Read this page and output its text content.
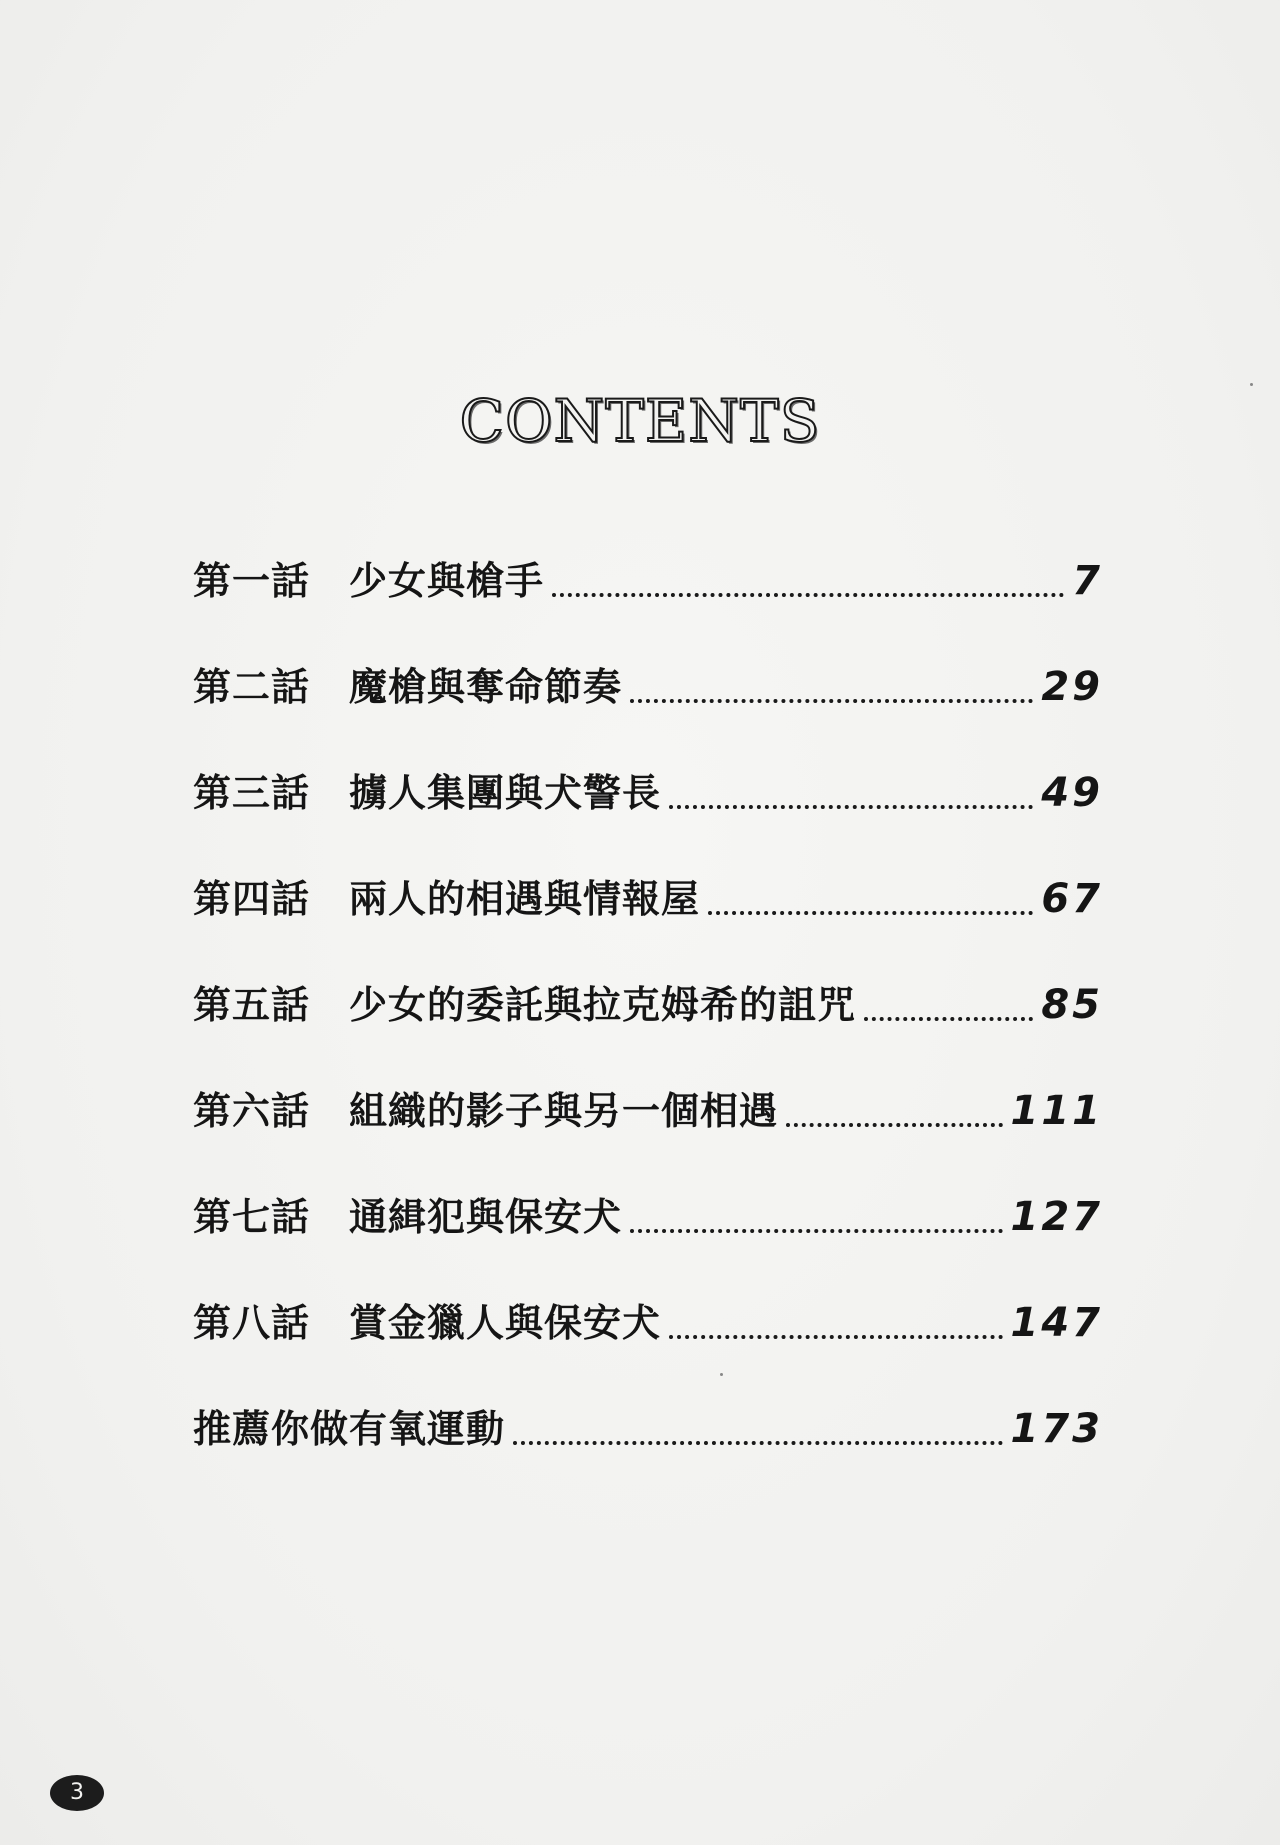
CONTENTS
第一話	少女與槍手	7
第二話	魔槍與奪命節奏	29
第三話	擄人集團與犬警長	49
第四話	兩人的相遇與情報屋	67
第五話	少女的委託與拉克姆希的詛咒	85
第六話	組織的影子與另一個相遇	111
第七話	通緝犯與保安犬	127
第八話	賞金獵人與保安犬	147
推薦你做有氧運動	173
3
